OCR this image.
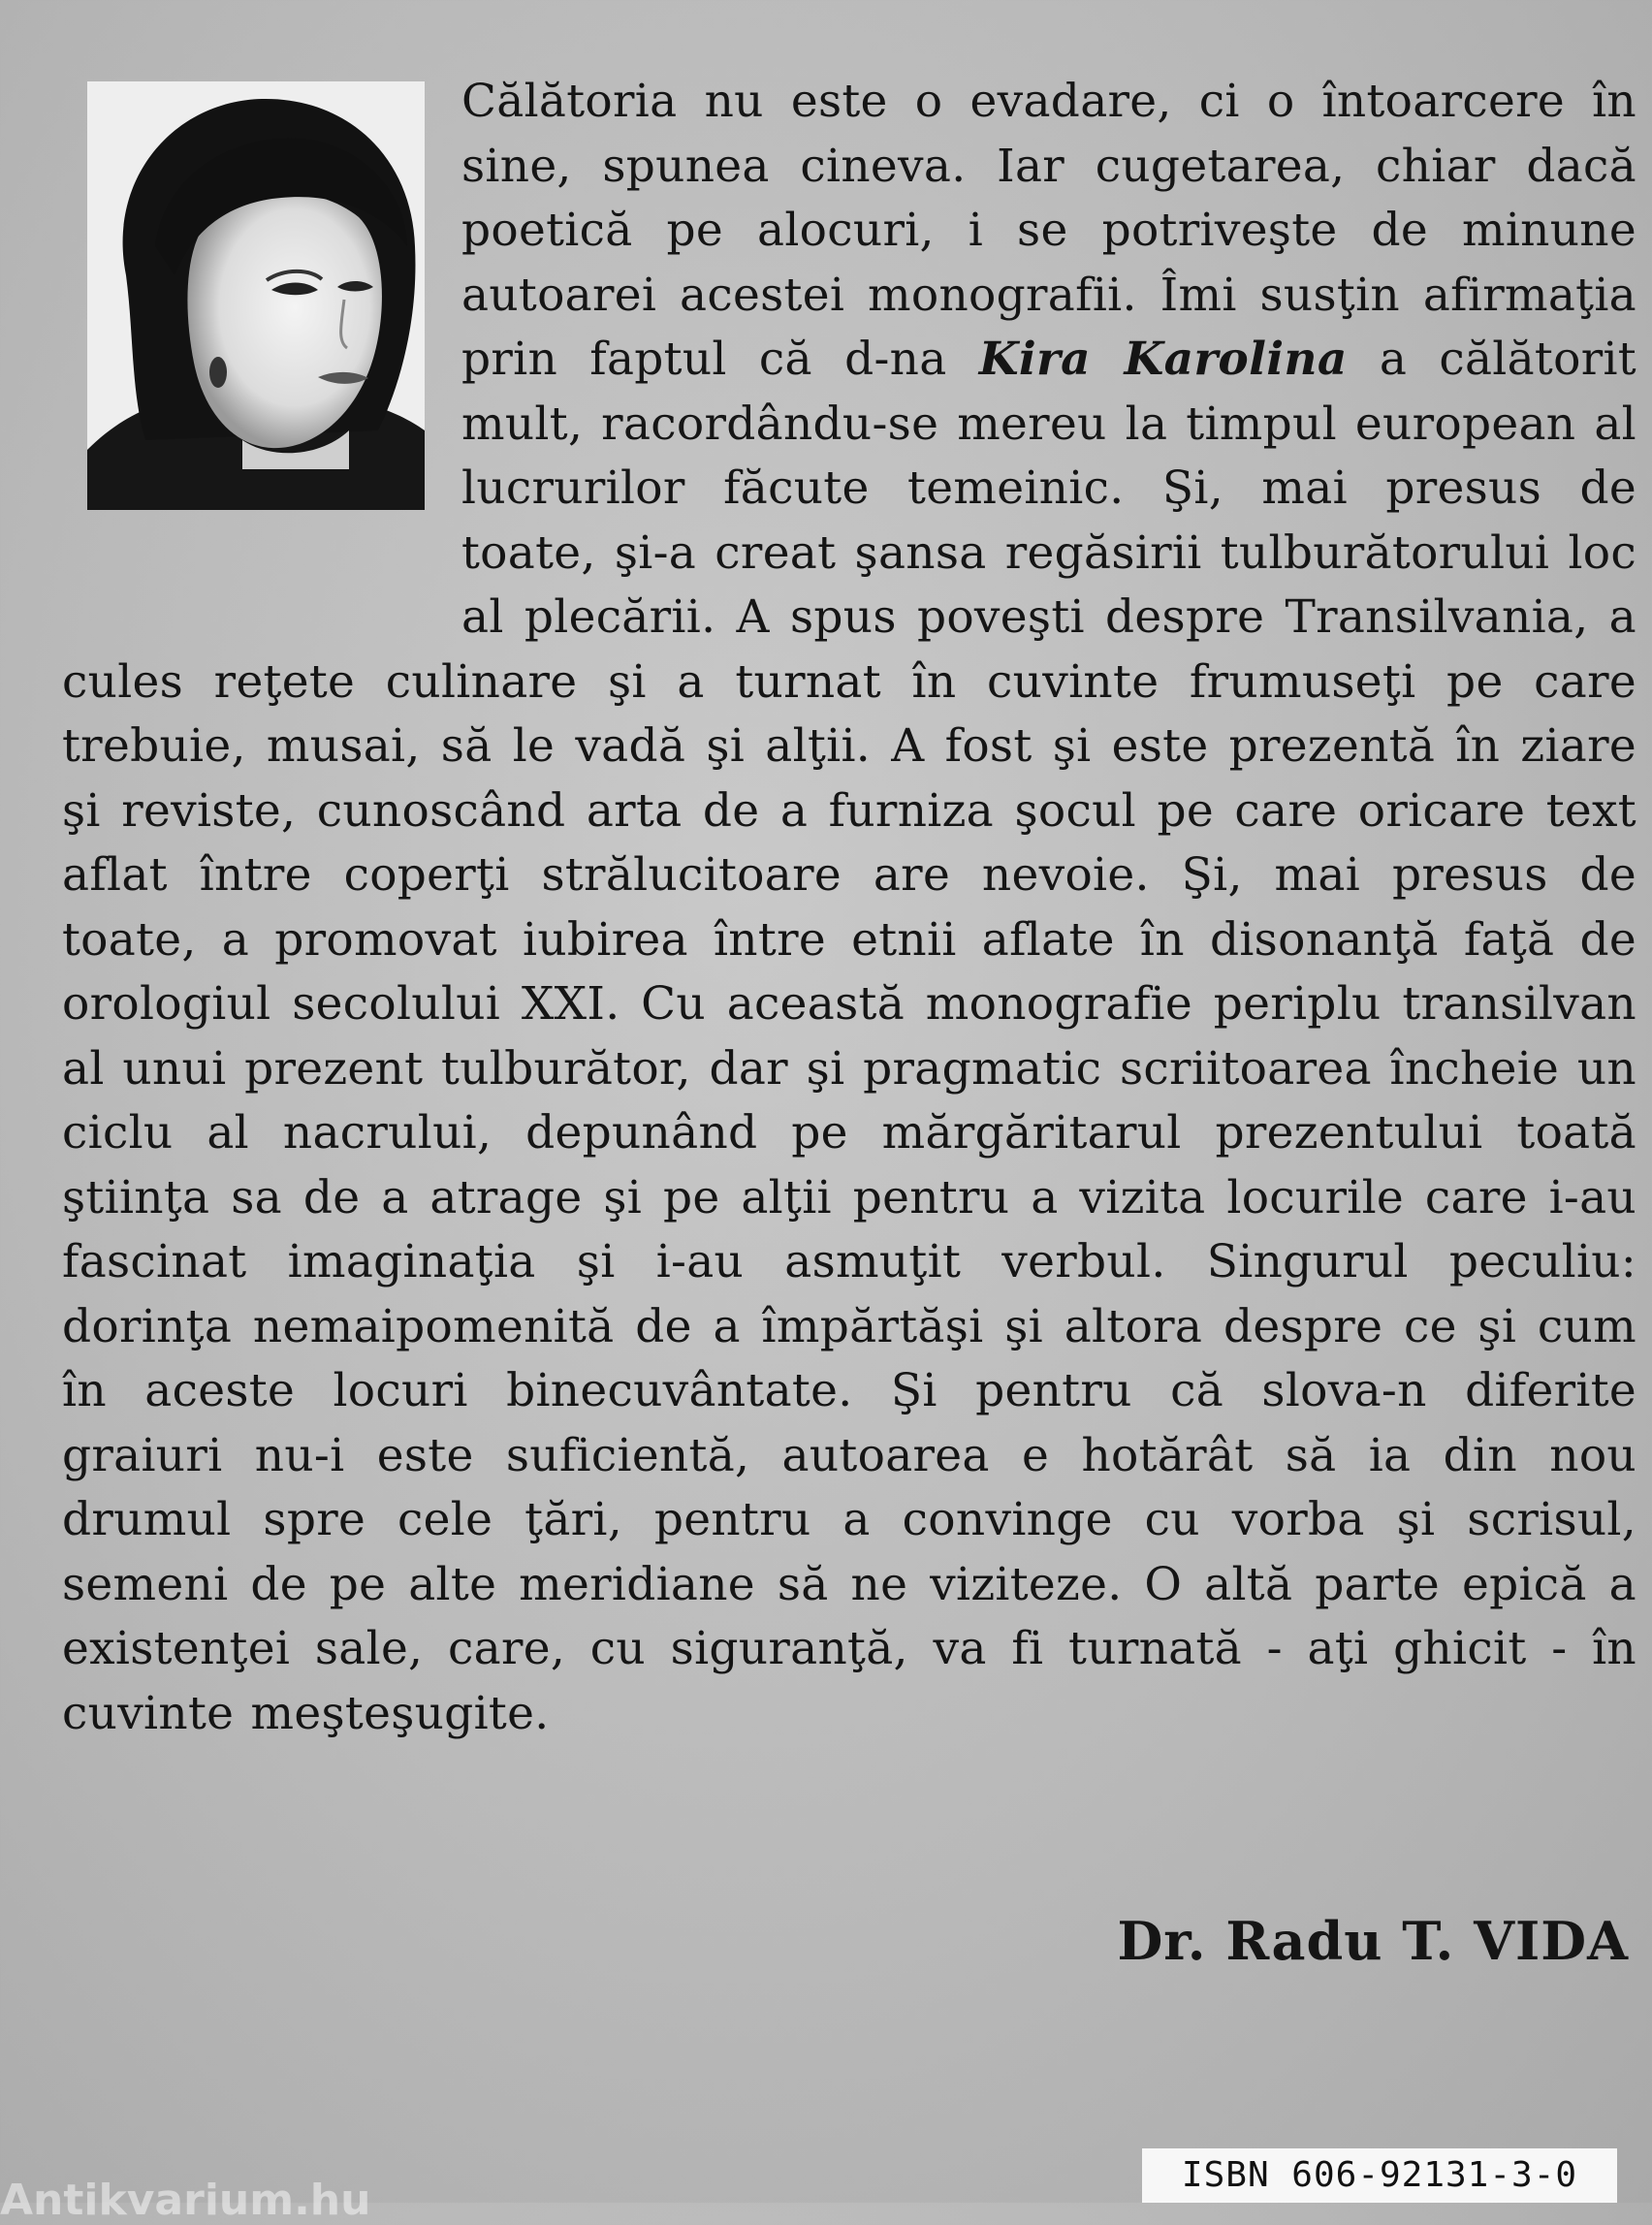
Călătoria nu este o evadare, ci o întoarcere în sine, spunea cineva. Iar cugetarea, chiar dacă poetică pe alocuri, i se potriveşte de minune autoarei acestei monografii. Îmi susţin afirmaţia prin faptul că d-na Kira Karolina a călătorit mult, racordându-se mereu la timpul european al lucrurilor făcute temeinic. Şi, mai presus de toate, şi-a creat şansa regăsirii tulburătorului loc al plecării. A spus poveşti despre Transilvania, a cules reţete culinare şi a turnat în cuvinte frumuseţi pe care trebuie, musai, să le vadă şi alţii. A fost şi este prezentă în ziare şi reviste, cunoscând arta de a furniza şocul pe care oricare text aflat între coperţi strălucitoare are nevoie. Şi, mai presus de toate, a promovat iubirea între etnii aflate în disonanţă faţă de orologiul secolului XXI. Cu această monografie periplu transilvan al unui prezent tulburător, dar şi pragmatic scriitoarea încheie un ciclu al nacrului, depunând pe mărgăritarul prezentului toată ştiinţa sa de a atrage şi pe alţii pentru a vizita locurile care i-au fascinat imaginaţia şi i-au asmuţit verbul. Singurul peculiu: dorinţa nemaipomenită de a împărtăşi şi altora despre ce şi cum în aceste locuri binecuvântate. Şi pentru că slova-n diferite graiuri nu-i este suficientă, autoarea e hotărât să ia din nou drumul spre cele ţări, pentru a convinge cu vorba şi scrisul, semeni de pe alte meridiane să ne viziteze. O altă parte epică a existenţei sale, care, cu siguranţă, va fi turnată - aţi ghicit - în cuvinte meşteşugite.
Dr. Radu T. VIDA
ISBN 606-92131-3-0
Antikvarium.hu
